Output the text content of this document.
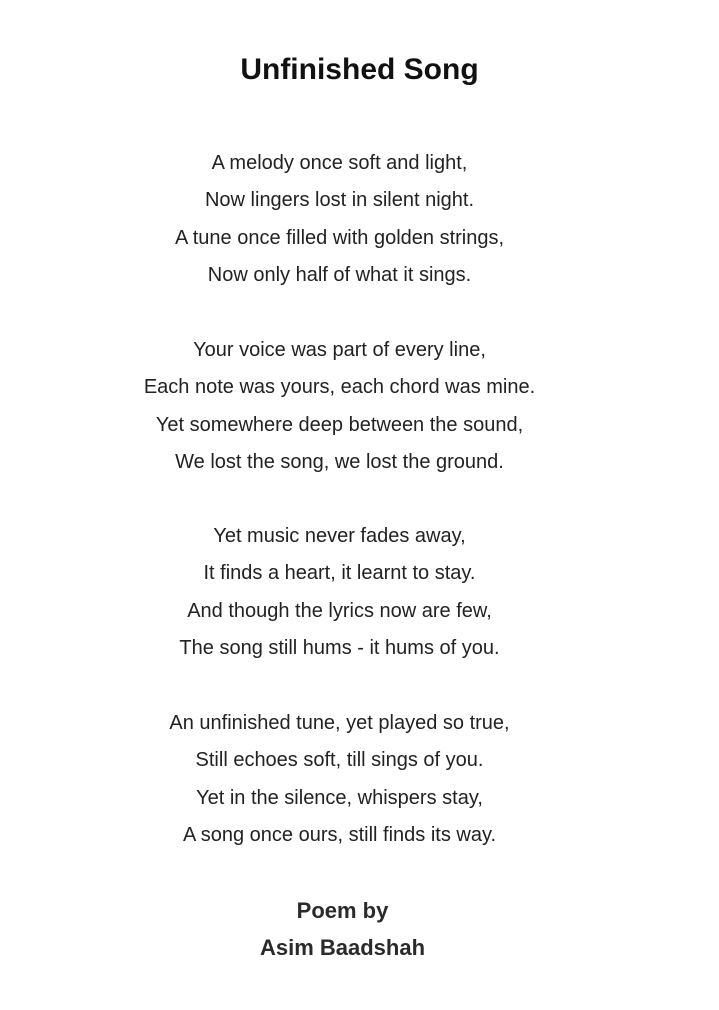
Unfinished Song
A melody once soft and light,
Now lingers lost in silent night.
A tune once filled with golden strings,
Now only half of what it sings.
Your voice was part of every line,
Each note was yours, each chord was mine.
Yet somewhere deep between the sound,
We lost the song, we lost the ground.
Yet music never fades away,
It finds a heart, it learnt to stay.
And though the lyrics now are few,
The song still hums - it hums of you.
An unfinished tune, yet played so true,
Still echoes soft, till sings of you.
Yet in the silence, whispers stay,
A song once ours, still finds its way.
Poem by
Asim Baadshah
